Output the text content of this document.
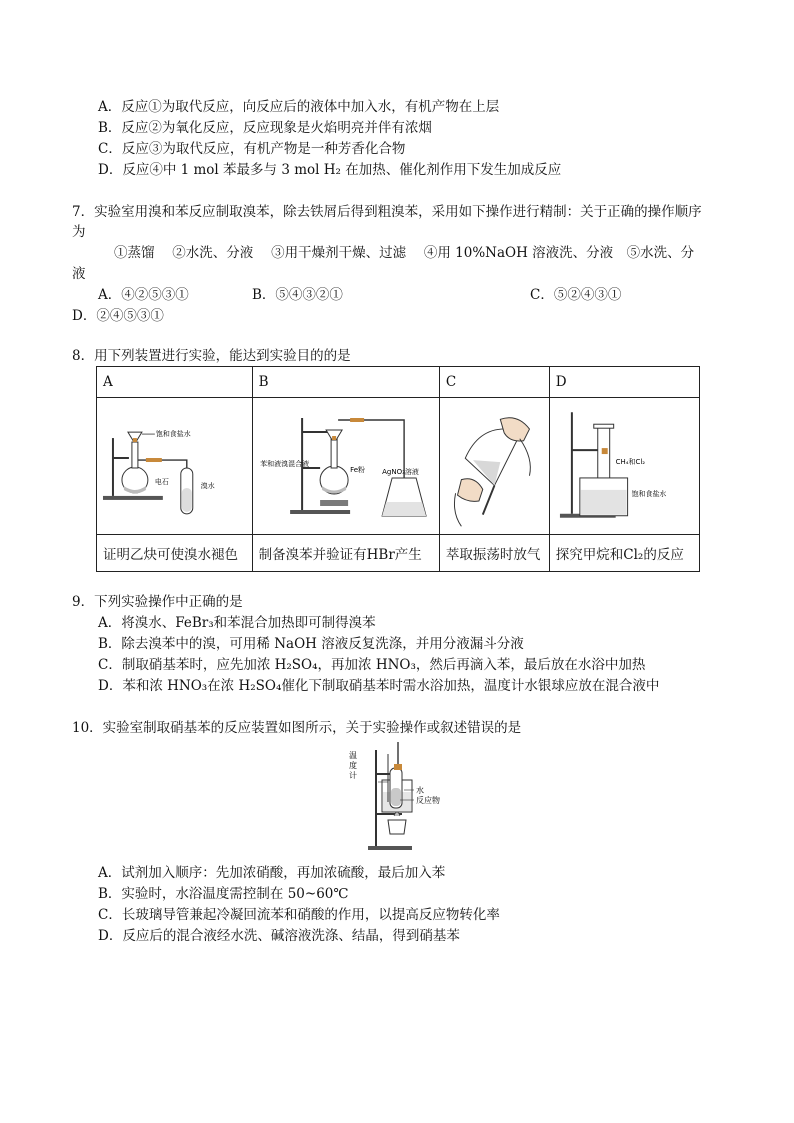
A．反应①为取代反应，向反应后的液体中加入水，有机产物在上层
B．反应②为氧化反应，反应现象是火焰明亮并伴有浓烟
C．反应③为取代反应，有机产物是一种芳香化合物
D．反应④中 1 mol 苯最多与 3 mol H₂ 在加热、催化剂作用下发生加成反应
7．实验室用溴和苯反应制取溴苯，除去铁屑后得到粗溴苯，采用如下操作进行精制：关于正确的操作顺序
为
①蒸馏　 ②水洗、分液　 ③用干燥剂干燥、过滤　 ④用 10%NaOH 溶液洗、分液　⑤水洗、分
液
A．④②⑤③①	B．⑤④③②①	C．⑤②④③①
D．②④⑤③①
8．用下列装置进行实验，能达到实验目的的是
A	B	C	D

饱和食盐水
电石 溴水	苯和液溴混合液
Fe粉 AgNO₃溶液		CH₄和Cl₂
饱和食盐水

证明乙炔可使溴水褪色	制备溴苯并验证有HBr产生	萃取振荡时放气	探究甲烷和Cl₂的反应
9．下列实验操作中正确的是
A．将溴水、FeBr₃和苯混合加热即可制得溴苯
B．除去溴苯中的溴，可用稀 NaOH 溶液反复洗涤，并用分液漏斗分液
C．制取硝基苯时，应先加浓 H₂SO₄，再加浓 HNO₃，然后再滴入苯，最后放在水浴中加热
D．苯和浓 HNO₃在浓 H₂SO₄催化下制取硝基苯时需水浴加热，温度计水银球应放在混合液中
10．实验室制取硝基苯的反应装置如图所示，关于实验操作或叙述错误的是
温 度 计
水
反应物
A．试剂加入顺序：先加浓硝酸，再加浓硫酸，最后加入苯
B．实验时，水浴温度需控制在 50~60℃
C．长玻璃导管兼起冷凝回流苯和硝酸的作用，以提高反应物转化率
D．反应后的混合液经水洗、碱溶液洗涤、结晶，得到硝基苯
